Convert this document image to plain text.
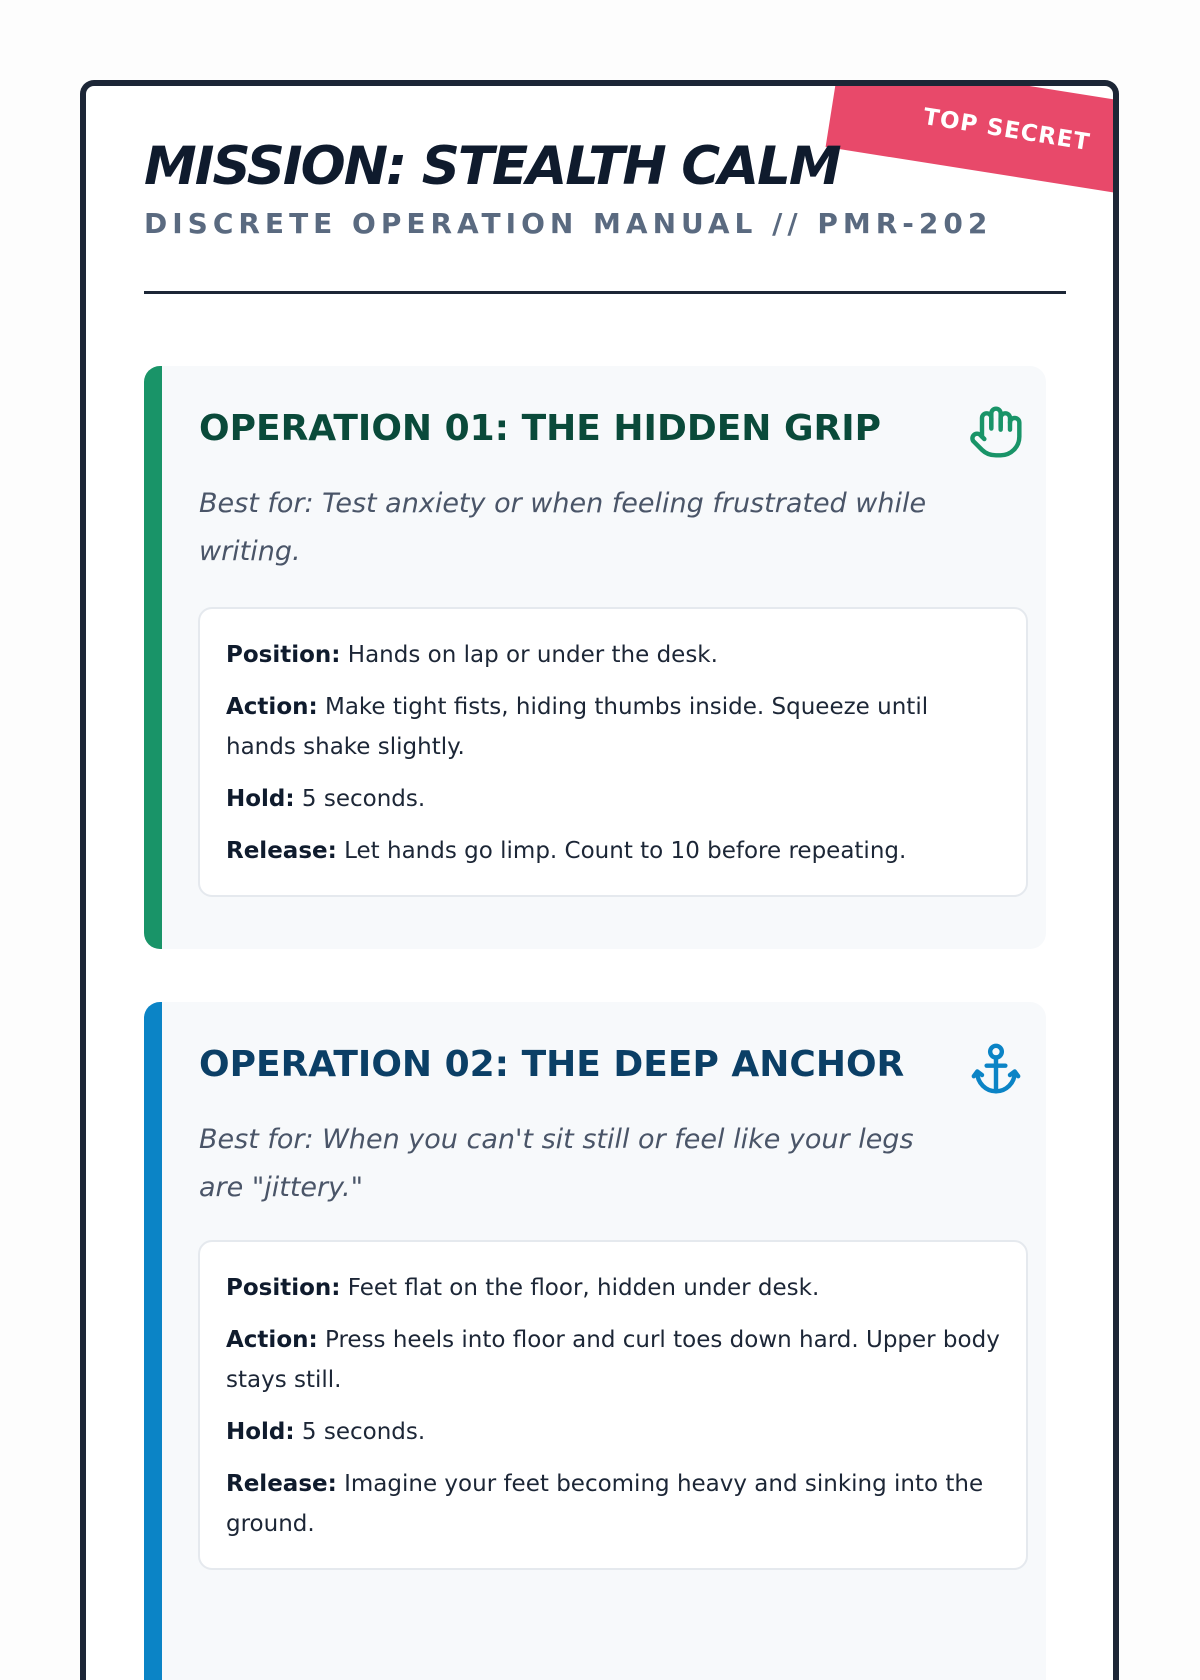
TOP SECRET
MISSION: STEALTH CALM
DISCRETE OPERATION MANUAL // PMR-202
OPERATION 01: THE HIDDEN GRIP

Best for: Test anxiety or when feeling frustrated while writing.

Position: Hands on lap or under the desk.

Action: Make tight fists, hiding thumbs inside. Squeeze until hands shake slightly.

Hold: 5 seconds.

Release: Let hands go limp. Count to 10 before repeating.

OPERATION 02: THE DEEP ANCHOR

Best for: When you can't sit still or feel like your legs are "jittery."

Position: Feet flat on the floor, hidden under desk.

Action: Press heels into floor and curl toes down hard. Upper body stays still.

Hold: 5 seconds.

Release: Imagine your feet becoming heavy and sinking into the ground.
